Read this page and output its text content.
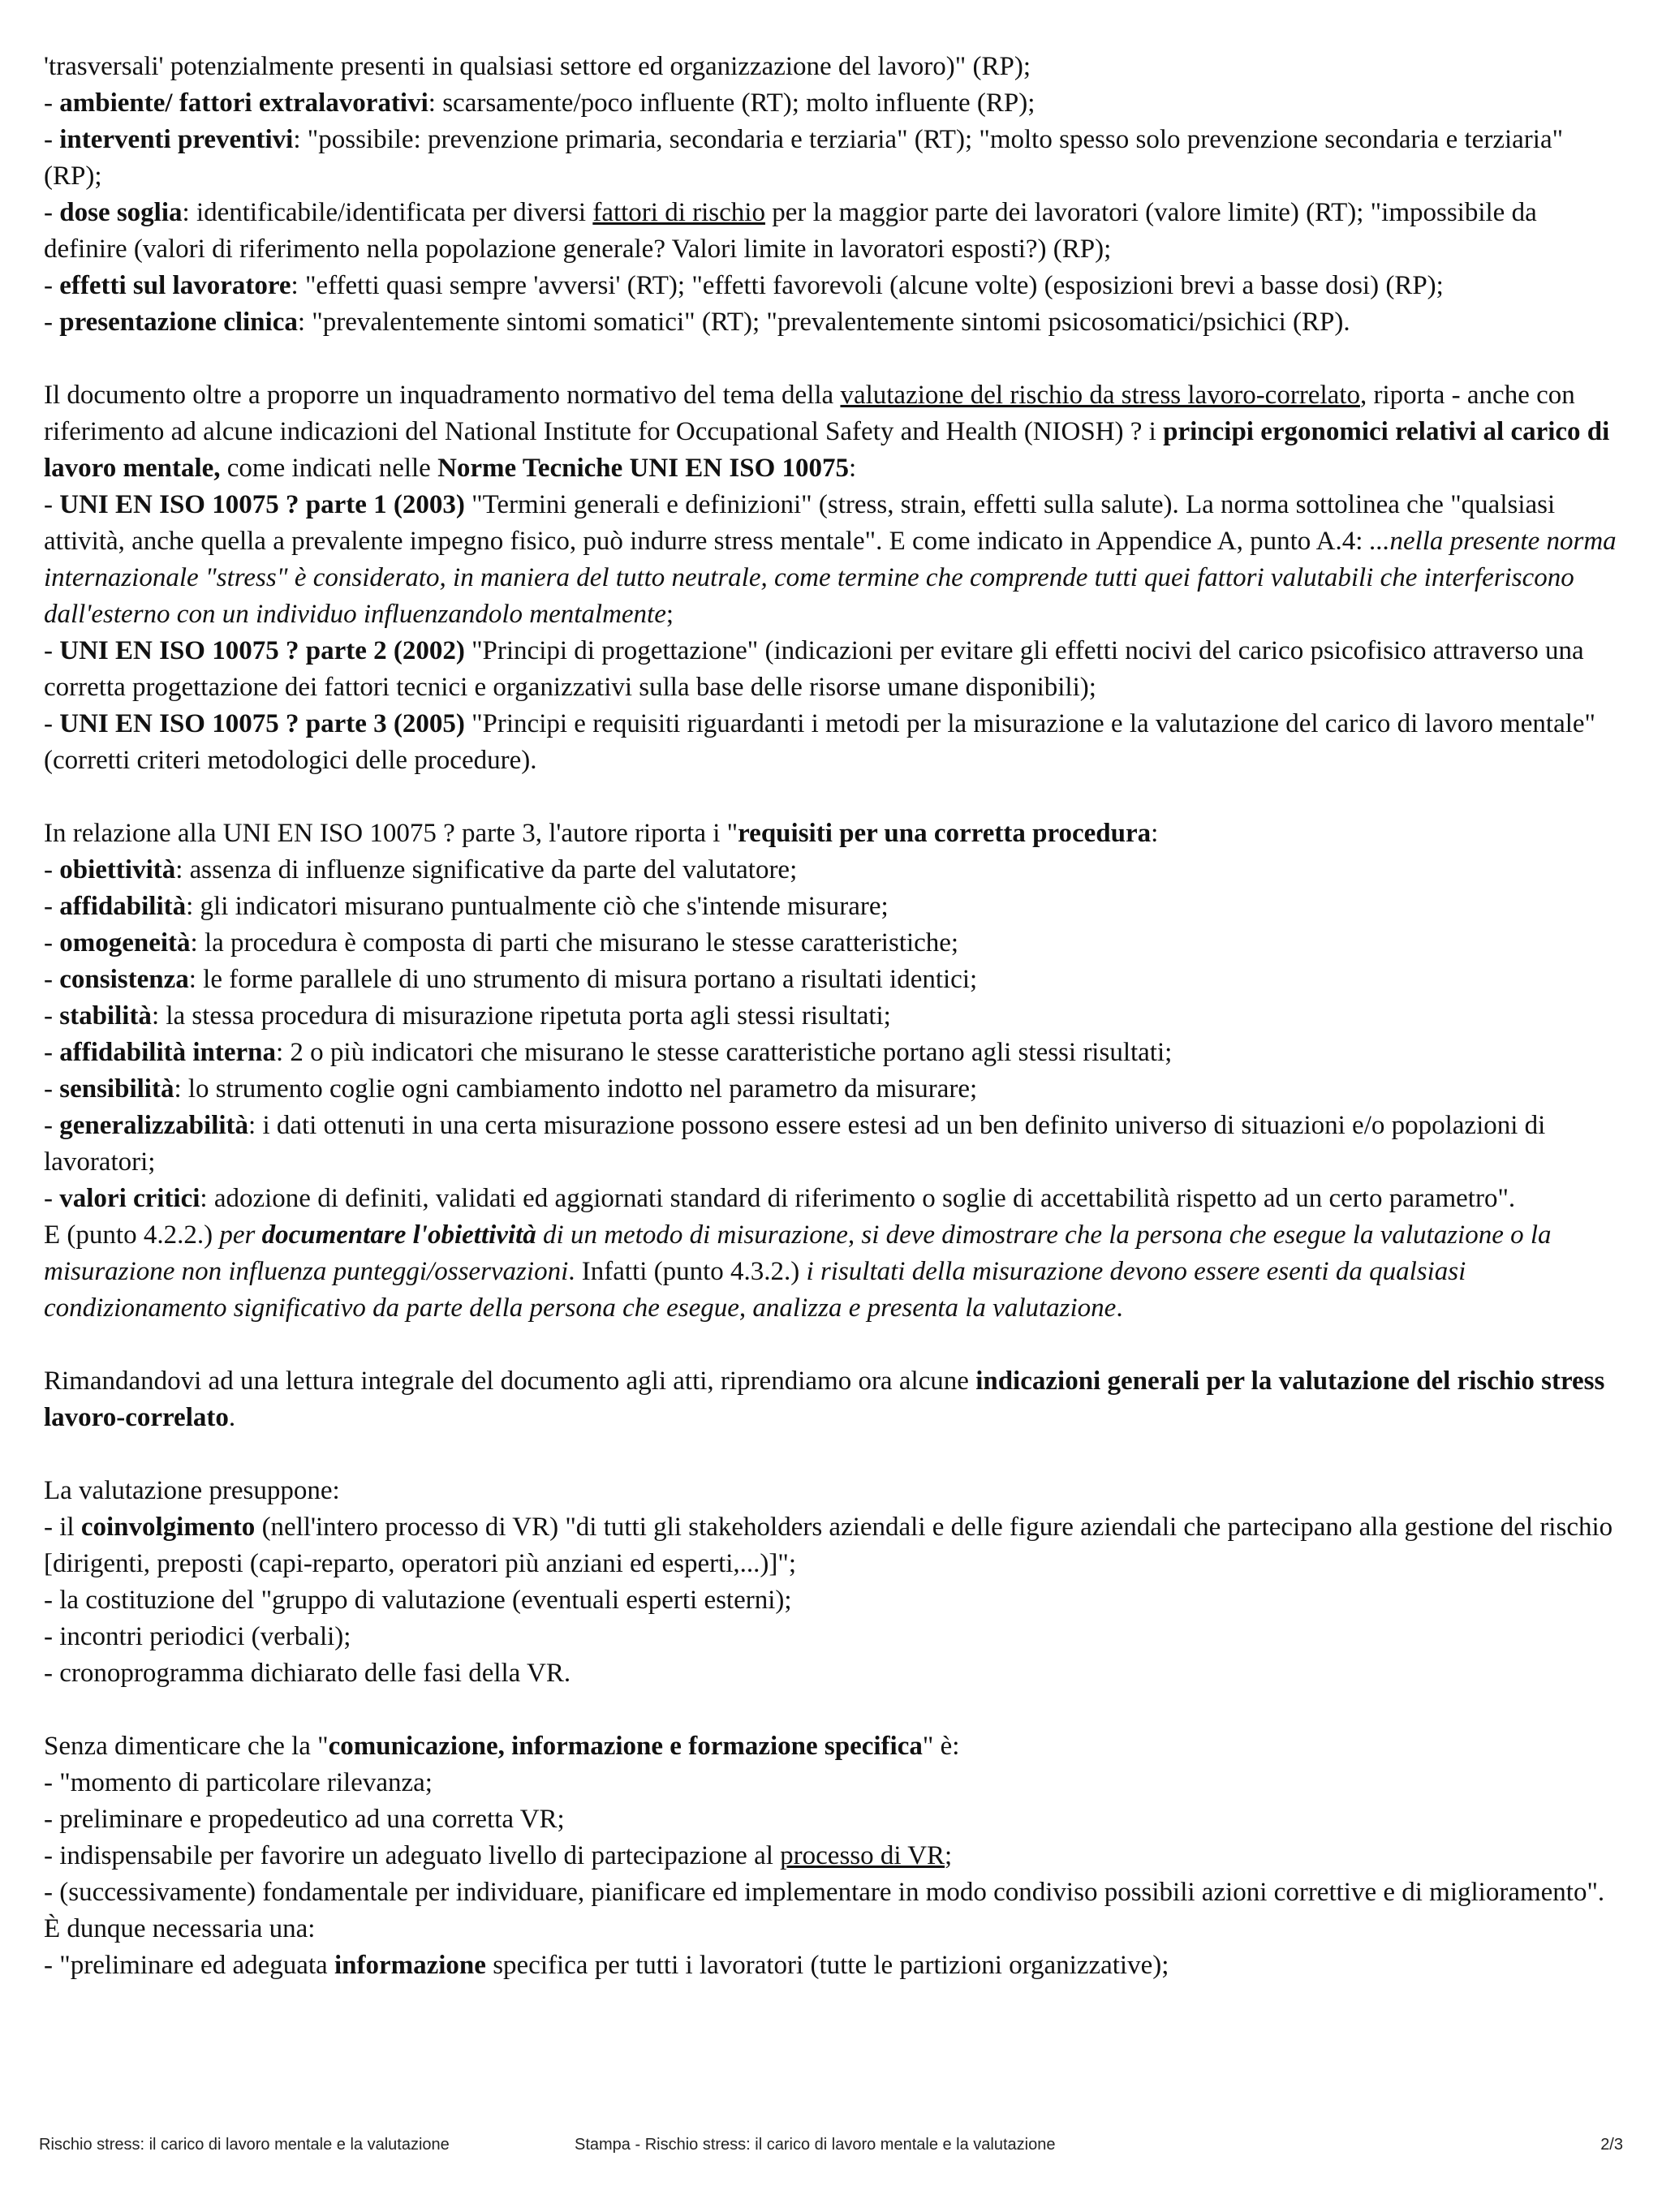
'trasversali' potenzialmente presenti in qualsiasi settore ed organizzazione del lavoro)" (RP);

- ambiente/ fattori extralavorativi: scarsamente/poco influente (RT); molto influente (RP);

- interventi preventivi: "possibile: prevenzione primaria, secondaria e terziaria" (RT); "molto spesso solo prevenzione secondaria e terziaria" (RP);

- dose soglia: identificabile/identificata per diversi fattori di rischio per la maggior parte dei lavoratori (valore limite) (RT); "impossibile da definire (valori di riferimento nella popolazione generale? Valori limite in lavoratori esposti?) (RP);

- effetti sul lavoratore: "effetti quasi sempre 'avversi' (RT); "effetti favorevoli (alcune volte) (esposizioni brevi a basse dosi) (RP);

- presentazione clinica: "prevalentemente sintomi somatici" (RT); "prevalentemente sintomi psicosomatici/psichici (RP).

Il documento oltre a proporre un inquadramento normativo del tema della valutazione del rischio da stress lavoro-correlato, riporta - anche con riferimento ad alcune indicazioni del National Institute for Occupational Safety and Health (NIOSH) ? i principi ergonomici relativi al carico di lavoro mentale, come indicati nelle Norme Tecniche UNI EN ISO 10075:

- UNI EN ISO 10075 ? parte 1 (2003) "Termini generali e definizioni" (stress, strain, effetti sulla salute). La norma sottolinea che "qualsiasi attività, anche quella a prevalente impegno fisico, può indurre stress mentale". E come indicato in Appendice A, punto A.4: ...nella presente norma internazionale "stress" è considerato, in maniera del tutto neutrale, come termine che comprende tutti quei fattori valutabili che interferiscono dall'esterno con un individuo influenzandolo mentalmente;

- UNI EN ISO 10075 ? parte 2 (2002) "Principi di progettazione" (indicazioni per evitare gli effetti nocivi del carico psicofisico attraverso una corretta progettazione dei fattori tecnici e organizzativi sulla base delle risorse umane disponibili);

- UNI EN ISO 10075 ? parte 3 (2005) "Principi e requisiti riguardanti i metodi per la misurazione e la valutazione del carico di lavoro mentale" (corretti criteri metodologici delle procedure).

In relazione alla UNI EN ISO 10075 ? parte 3, l'autore riporta i "requisiti per una corretta procedura:

- obiettività: assenza di influenze significative da parte del valutatore;

- affidabilità: gli indicatori misurano puntualmente ciò che s'intende misurare;

- omogeneità: la procedura è composta di parti che misurano le stesse caratteristiche;

- consistenza: le forme parallele di uno strumento di misura portano a risultati identici;

- stabilità: la stessa procedura di misurazione ripetuta porta agli stessi risultati;

- affidabilità interna: 2 o più indicatori che misurano le stesse caratteristiche portano agli stessi risultati;

- sensibilità: lo strumento coglie ogni cambiamento indotto nel parametro da misurare;

- generalizzabilità: i dati ottenuti in una certa misurazione possono essere estesi ad un ben definito universo di situazioni e/o popolazioni di lavoratori;

- valori critici: adozione di definiti, validati ed aggiornati standard di riferimento o soglie di accettabilità rispetto ad un certo parametro".

E (punto 4.2.2.) per documentare l'obiettività di un metodo di misurazione, si deve dimostrare che la persona che esegue la valutazione o la misurazione non influenza punteggi/osservazioni. Infatti (punto 4.3.2.) i risultati della misurazione devono essere esenti da qualsiasi condizionamento significativo da parte della persona che esegue, analizza e presenta la valutazione.

Rimandandovi ad una lettura integrale del documento agli atti, riprendiamo ora alcune indicazioni generali per la valutazione del rischio stress lavoro-correlato.

La valutazione presuppone:

- il coinvolgimento (nell'intero processo di VR) "di tutti gli stakeholders aziendali e delle figure aziendali che partecipano alla gestione del rischio [dirigenti, preposti (capi-reparto, operatori più anziani ed esperti,...)]";

- la costituzione del "gruppo di valutazione (eventuali esperti esterni);

- incontri periodici (verbali);

- cronoprogramma dichiarato delle fasi della VR.

Senza dimenticare che la "comunicazione, informazione e formazione specifica" è:

- "momento di particolare rilevanza;

- preliminare e propedeutico ad una corretta VR;

- indispensabile per favorire un adeguato livello di partecipazione al processo di VR;

- (successivamente) fondamentale per individuare, pianificare ed implementare in modo condiviso possibili azioni correttive e di miglioramento".

È dunque necessaria una:

- "preliminare ed adeguata informazione specifica per tutti i lavoratori (tutte le partizioni organizzative);

Rischio stress: il carico di lavoro mentale e la valutazione	Stampa - Rischio stress: il carico di lavoro mentale e la valutazione	2/3
